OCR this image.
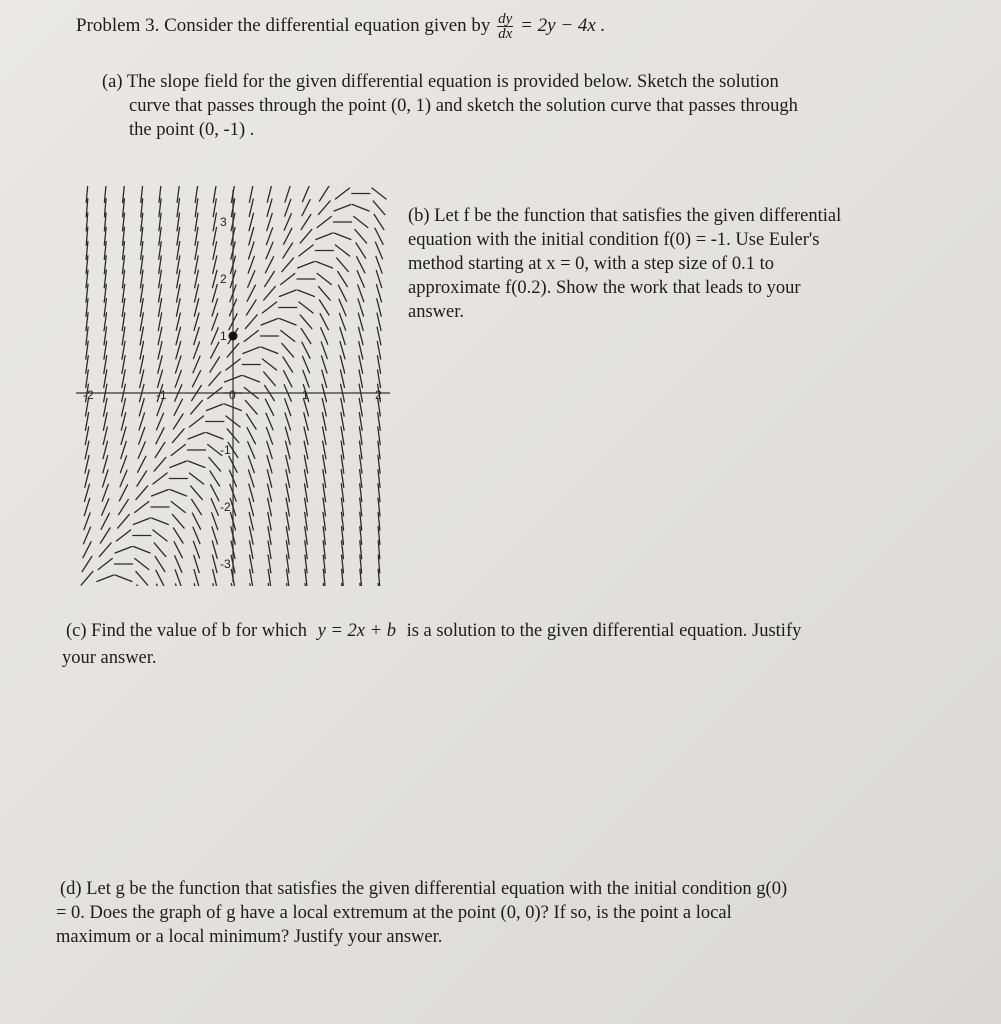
Problem 3. Consider the differential equation given by $\frac{dy}{dx} = 2y - 4x$ .
(a) The slope field for the given differential equation is provided below. Sketch the solution
curve that passes through the point (0, 1) and sketch the solution curve that passes through
the point (0, -1) .
-2	-1	0	1	2
3
2
1
-1
-2
-3
(b) Let f be the function that satisfies the given differential
equation with the initial condition f(0) = -1. Use Euler's
method starting at x = 0, with a step size of 0.1 to
approximate f(0.2). Show the work that leads to your
answer.
(c) Find the value of b for which y = 2x + b is a solution to the given differential equation. Justify
your answer.
(d) Let g be the function that satisfies the given differential equation with the initial condition g(0)
= 0. Does the graph of g have a local extremum at the point (0, 0)? If so, is the point a local
maximum or a local minimum? Justify your answer.
